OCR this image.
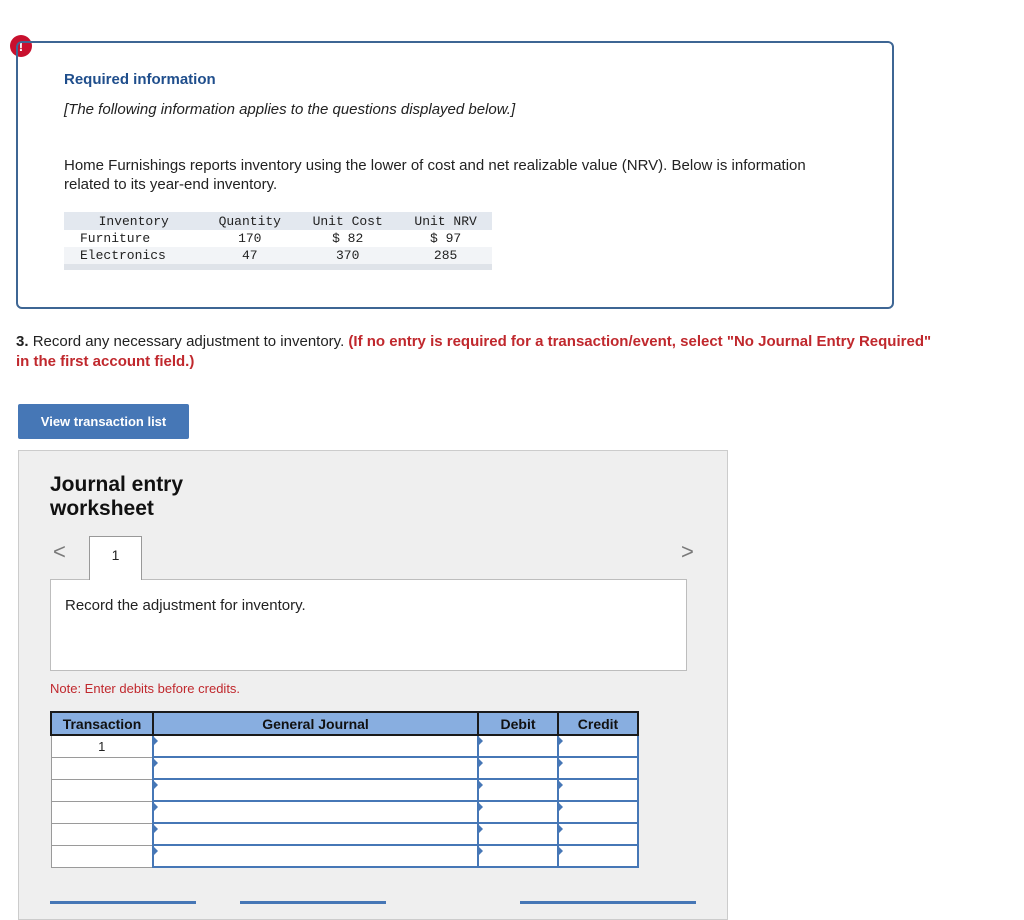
!
Required information
[The following information applies to the questions displayed below.]
Home Furnishings reports inventory using the lower of cost and net realizable value (NRV). Below is information related to its year-end inventory.
Inventory	Quantity	Unit Cost	Unit NRV
Furniture	170	$ 82	$ 97
Electronics	47	370	285

3. Record any necessary adjustment to inventory. (If no entry is required for a transaction/event, select "No Journal Entry Required" in the first account field.)
View transaction list
Journal entry
worksheet
<	1	>
Record the adjustment for inventory.
Note: Enter debits before credits.
Transaction	General Journal	Debit	Credit
1			
